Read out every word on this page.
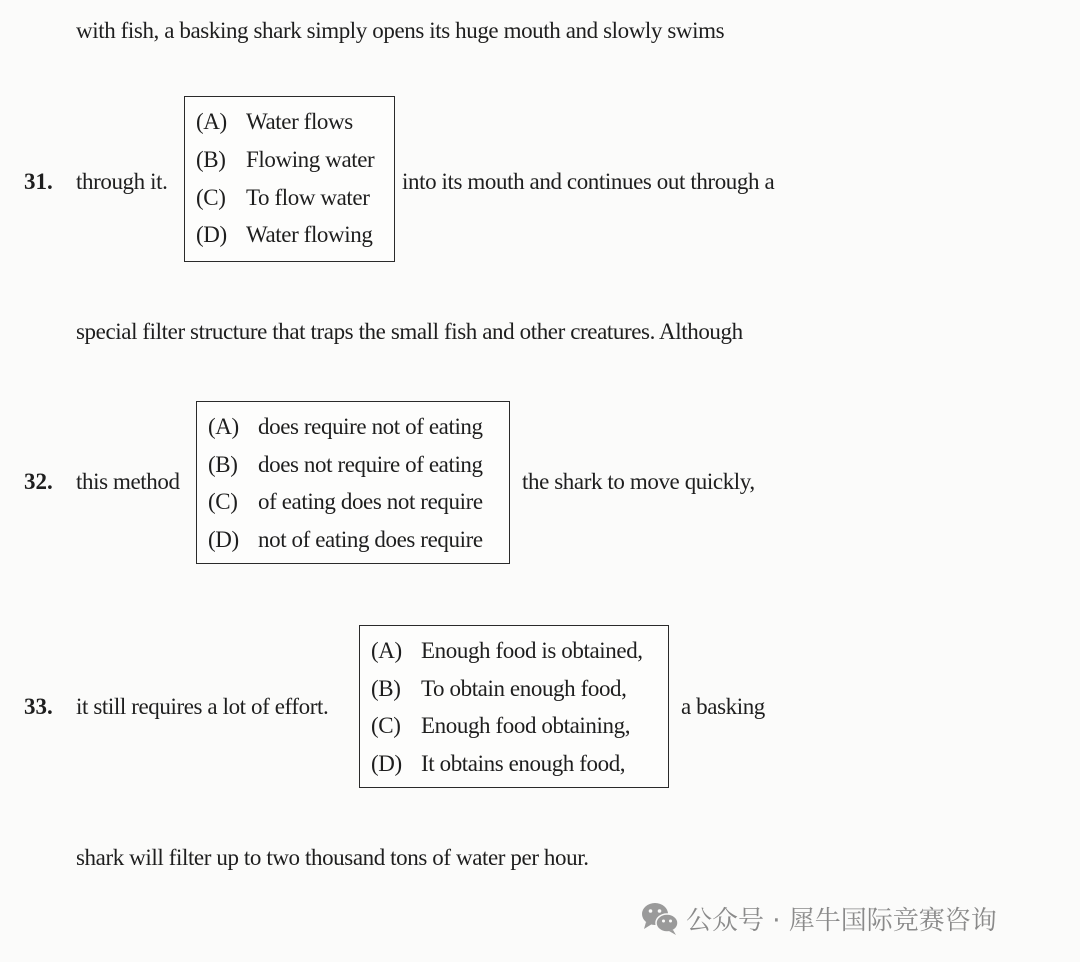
with fish, a basking shark simply opens its huge mouth and slowly swims
31. through it.
(A) Water flows
(B) Flowing water
(C) To flow water
(D) Water flowing
into its mouth and continues out through a
special filter structure that traps the small fish and other creatures. Although
32. this method
(A) does require not of eating
(B) does not require of eating
(C) of eating does not require
(D) not of eating does require
the shark to move quickly,
33. it still requires a lot of effort.
(A) Enough food is obtained,
(B) To obtain enough food,
(C) Enough food obtaining,
(D) It obtains enough food,
a basking
shark will filter up to two thousand tons of water per hour.
公众号 · 犀牛国际竞赛咨询
